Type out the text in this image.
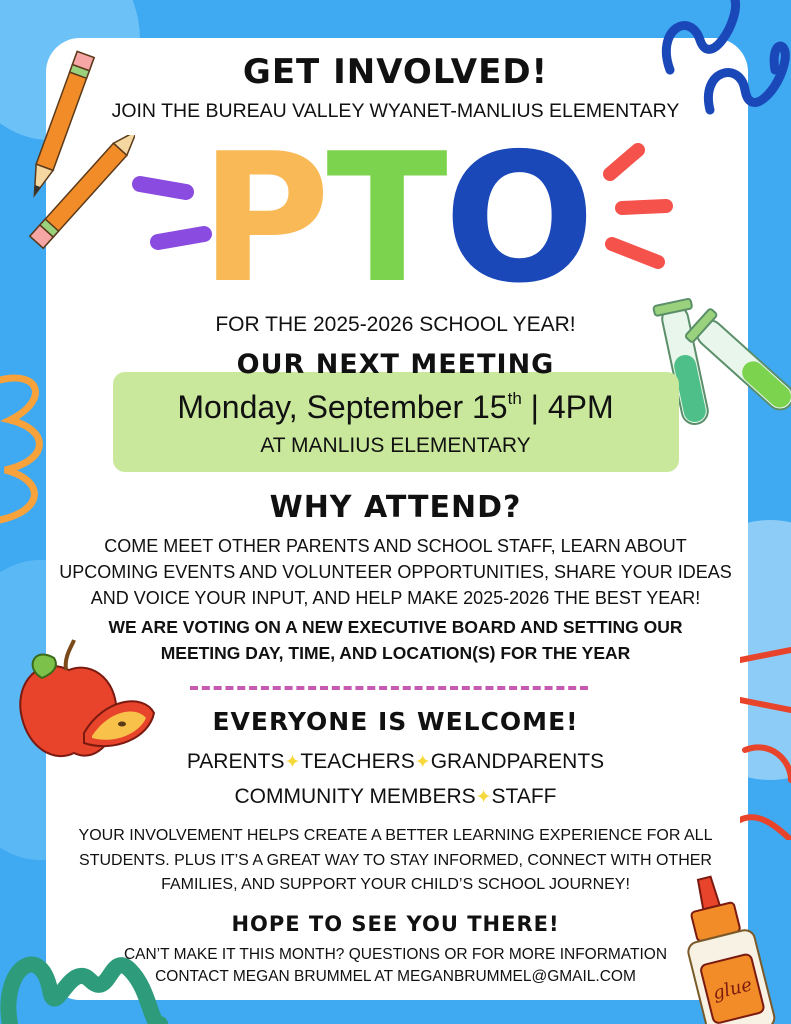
glue
GET INVOLVED!
JOIN THE BUREAU VALLEY WYANET-MANLIUS ELEMENTARY
PTO
FOR THE 2025-2026 SCHOOL YEAR!
OUR NEXT MEETING
Monday, September 15th | 4PM
AT MANLIUS ELEMENTARY
WHY ATTEND?
COME MEET OTHER PARENTS AND SCHOOL STAFF, LEARN ABOUT
UPCOMING EVENTS AND VOLUNTEER OPPORTUNITIES, SHARE YOUR IDEAS
AND VOICE YOUR INPUT, AND HELP MAKE 2025-2026 THE BEST YEAR!
WE ARE VOTING ON A NEW EXECUTIVE BOARD AND SETTING OUR
MEETING DAY, TIME, AND LOCATION(S) FOR THE YEAR
EVERYONE IS WELCOME!
PARENTS✦TEACHERS✦GRANDPARENTS
COMMUNITY MEMBERS✦STAFF
YOUR INVOLVEMENT HELPS CREATE A BETTER LEARNING EXPERIENCE FOR ALL
STUDENTS. PLUS IT’S A GREAT WAY TO STAY INFORMED, CONNECT WITH OTHER
FAMILIES, AND SUPPORT YOUR CHILD’S SCHOOL JOURNEY!
HOPE TO SEE YOU THERE!
CAN’T MAKE IT THIS MONTH? QUESTIONS OR FOR MORE INFORMATION
CONTACT MEGAN BRUMMEL AT MEGANBRUMMEL@GMAIL.COM
